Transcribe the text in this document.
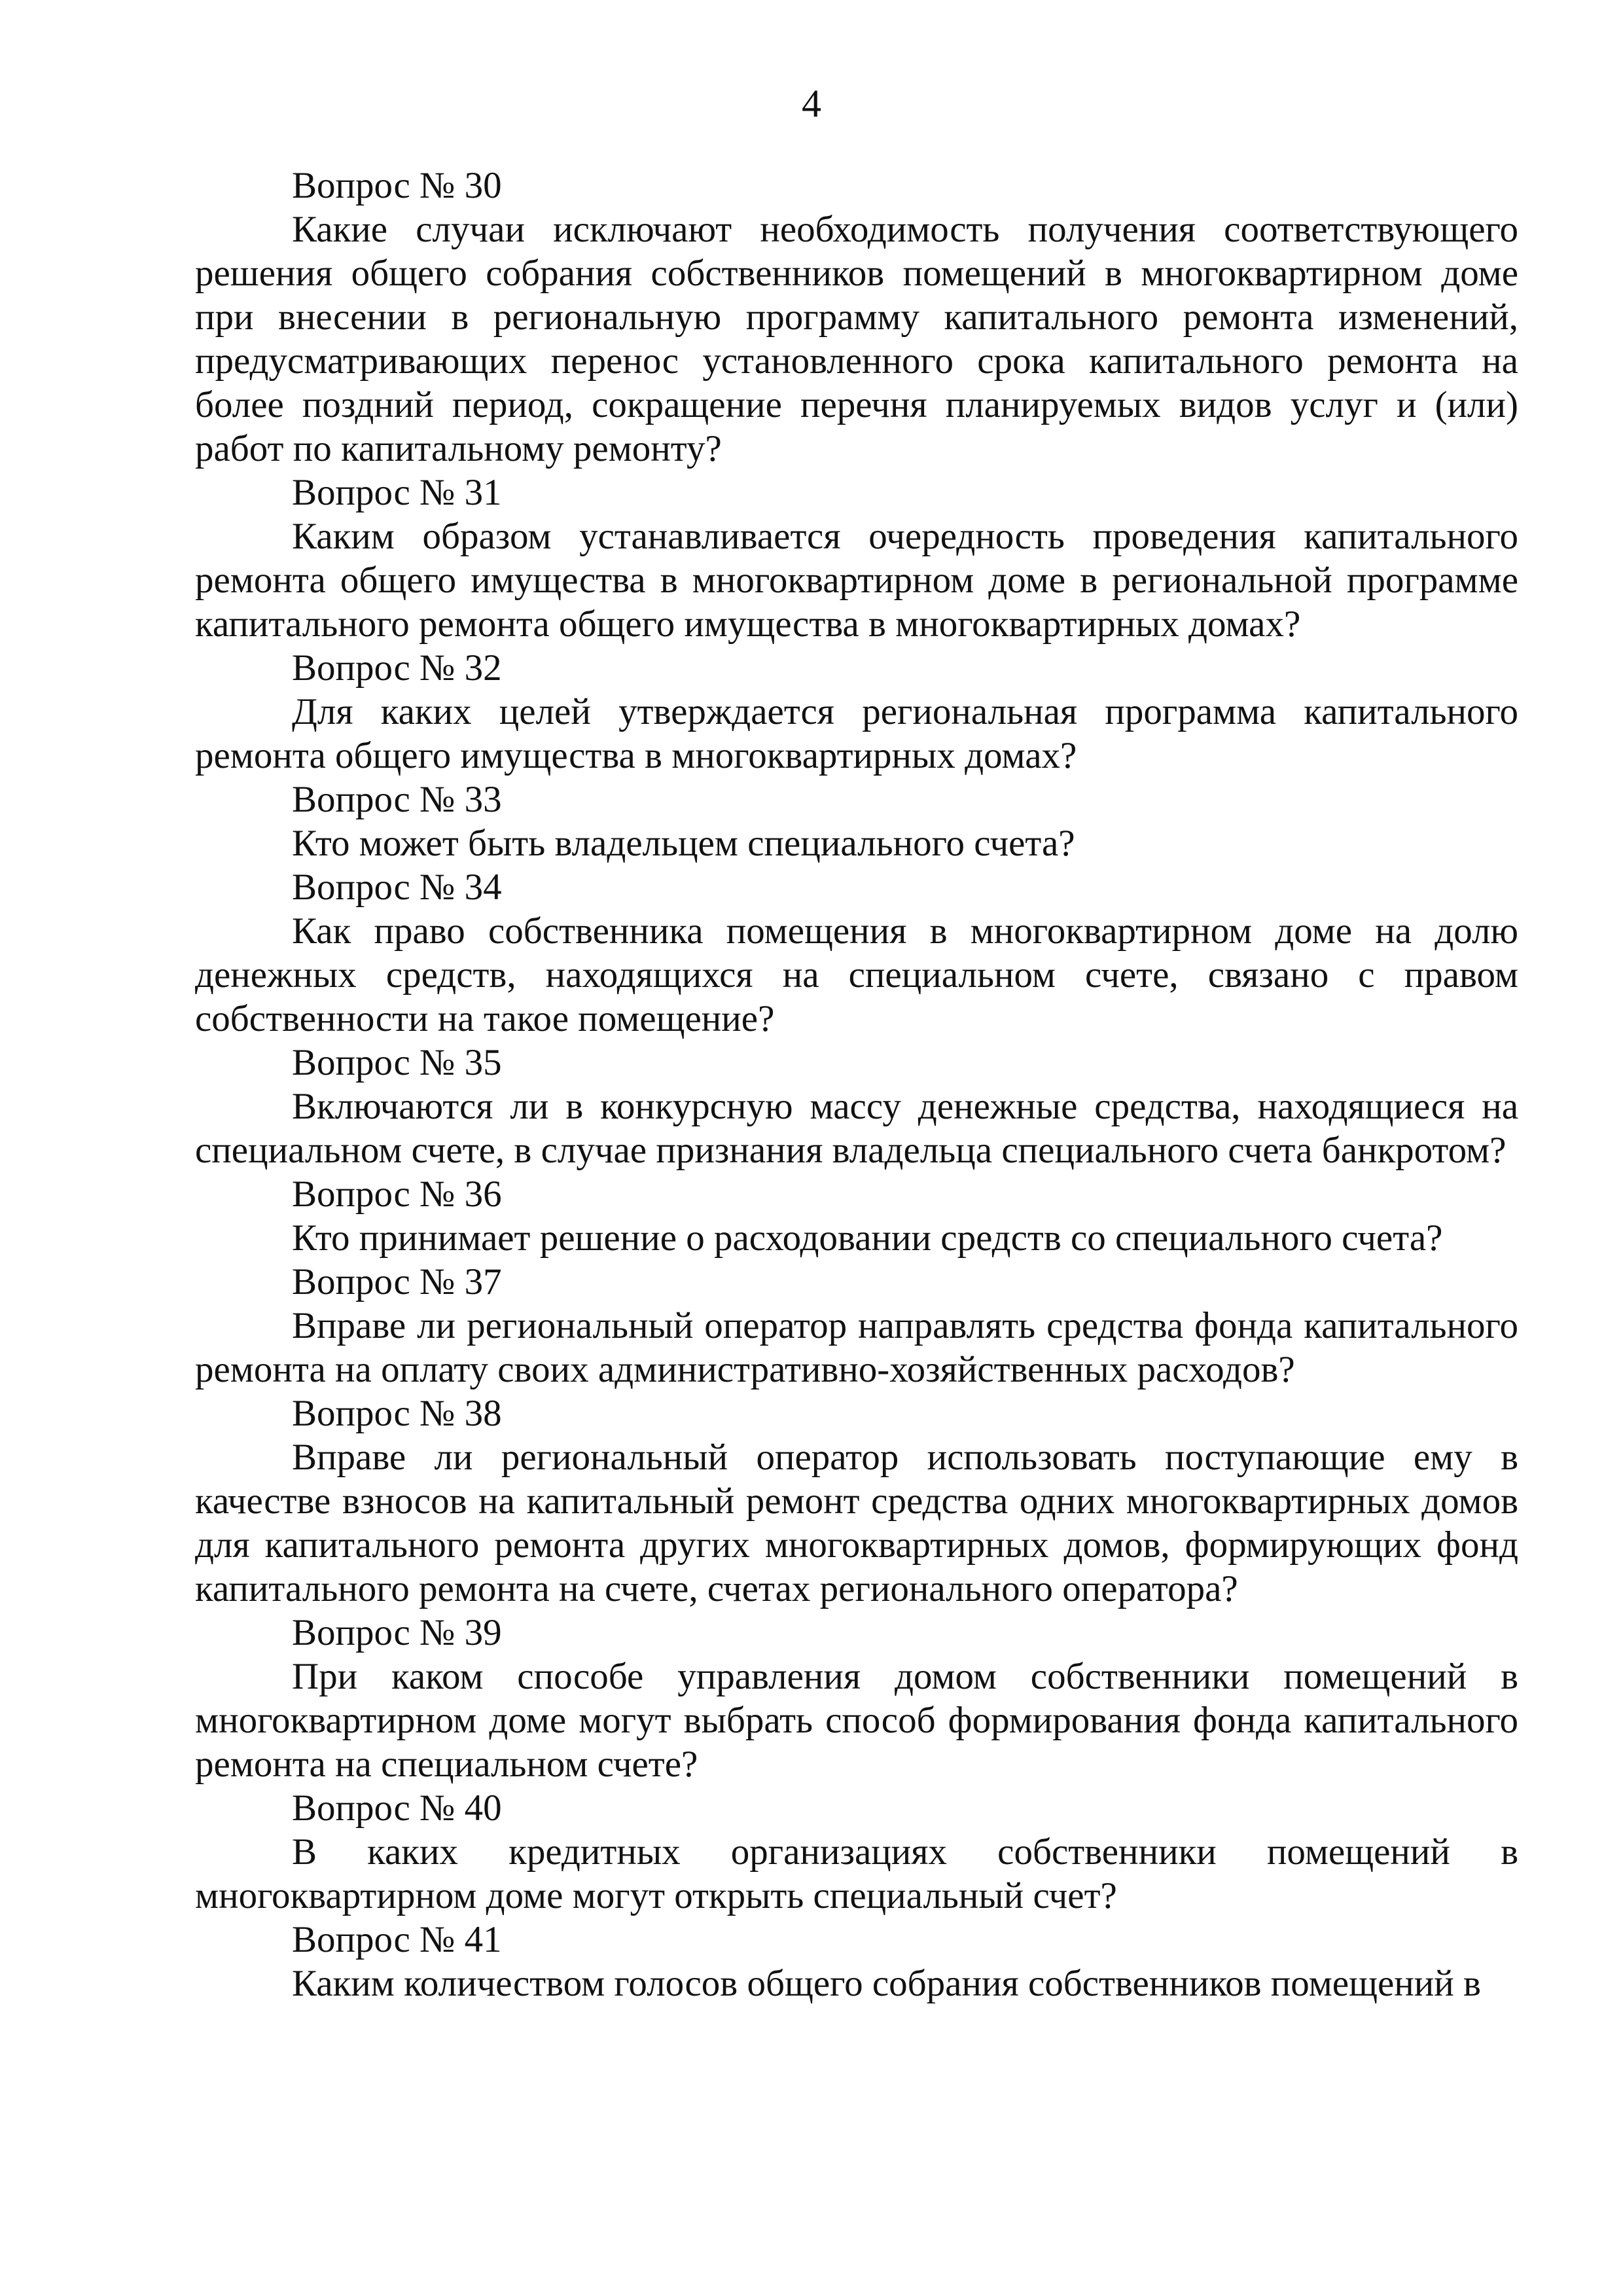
4

Вопрос № 30

Какие случаи исключают необходимость получения соответствующего решения общего собрания собственников помещений в многоквартирном доме при внесении в региональную программу капитального ремонта изменений, предусматривающих перенос установленного срока капитального ремонта на более поздний период, сокращение перечня планируемых видов услуг и (или) работ по капитальному ремонту?

Вопрос № 31

Каким образом устанавливается очередность проведения капитального ремонта общего имущества в многоквартирном доме в региональной программе капитального ремонта общего имущества в многоквартирных домах?

Вопрос № 32

Для каких целей утверждается региональная программа капитального ремонта общего имущества в многоквартирных домах?

Вопрос № 33

Кто может быть владельцем специального счета?

Вопрос № 34

Как право собственника помещения в многоквартирном доме на долю денежных средств, находящихся на специальном счете, связано с правом собственности на такое помещение?

Вопрос № 35

Включаются ли в конкурсную массу денежные средства, находящиеся на специальном счете, в случае признания владельца специального счета банкротом?

Вопрос № 36

Кто принимает решение о расходовании средств со специального счета?

Вопрос № 37

Вправе ли региональный оператор направлять средства фонда капитального ремонта на оплату своих административно-хозяйственных расходов?

Вопрос № 38

Вправе ли региональный оператор использовать поступающие ему в качестве взносов на капитальный ремонт средства одних многоквартирных домов для капитального ремонта других многоквартирных домов, формирующих фонд капитального ремонта на счете, счетах регионального оператора?

Вопрос № 39

При каком способе управления домом собственники помещений в многоквартирном доме могут выбрать способ формирования фонда капитального ремонта на специальном счете?

Вопрос № 40

В каких кредитных организациях собственники помещений в многоквартирном доме могут открыть специальный счет?

Вопрос № 41

Каким количеством голосов общего собрания собственников помещений в
